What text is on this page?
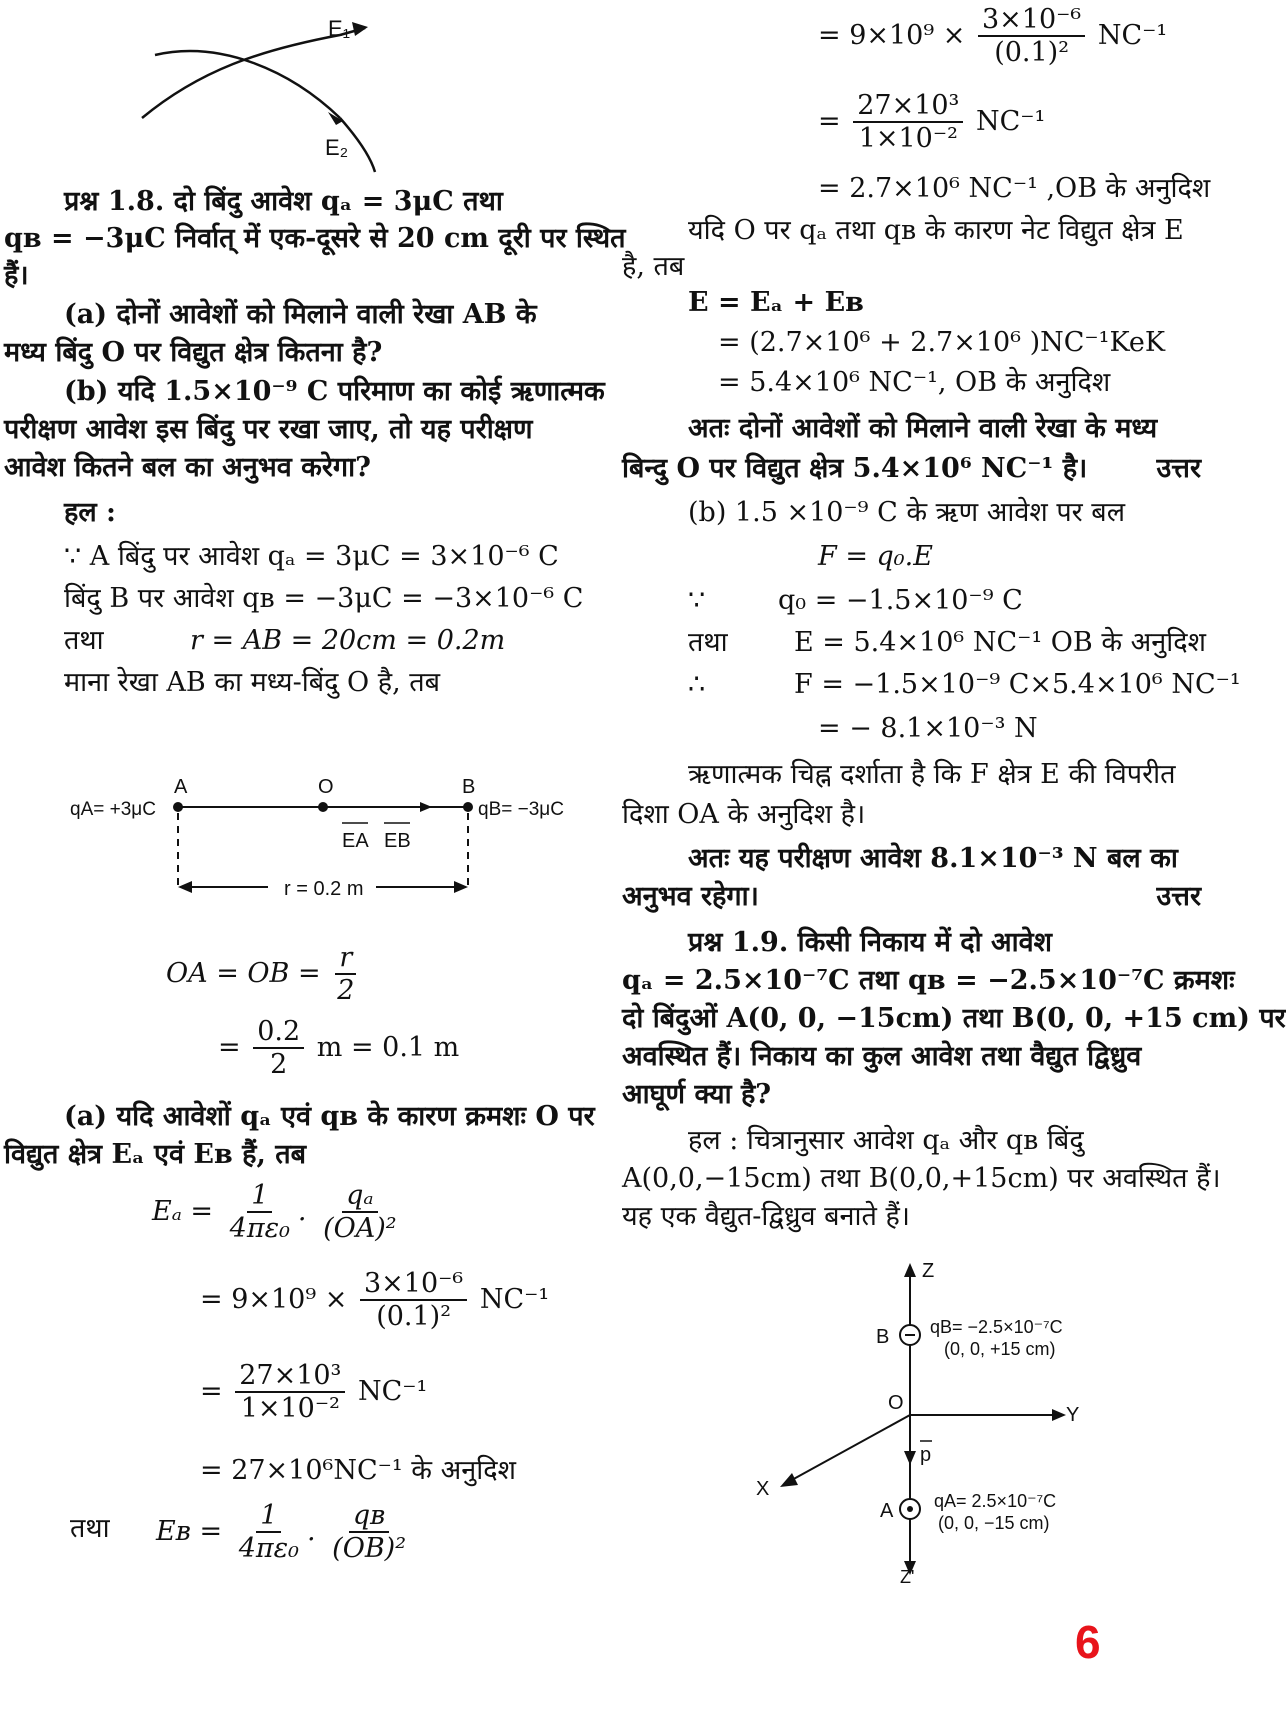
E₁
E₂
प्रश्न 1.8. दो बिंदु आवेश qₐ = 3μC तथा
qʙ = −3μC निर्वात् में एक-दूसरे से 20 cm दूरी पर स्थित
हैं।
(a) दोनों आवेशों को मिलाने वाली रेखा AB के
मध्य बिंदु O पर विद्युत क्षेत्र कितना है?
(b) यदि 1.5×10⁻⁹ C परिमाण का कोई ऋणात्मक
परीक्षण आवेश इस बिंदु पर रखा जाए, तो यह परीक्षण
आवेश कितने बल का अनुभव करेगा?
हल :
∵ A बिंदु पर आवेश qₐ = 3μC = 3×10⁻⁶ C
बिंदु B पर आवेश qʙ = −3μC = −3×10⁻⁶ C
तथा	r = AB = 20cm = 0.2m
माना रेखा AB का मध्य-बिंदु O है, तब
A	O	B
qA= +3μC	qB= −3μC
EA EB
r = 0.2 m
OA = OB = $\frac{r}{2}$
= $\frac{0.2}{2}$ m = 0.1 m
(a) यदि आवेशों qₐ एवं qʙ के कारण क्रमशः O पर
विद्युत क्षेत्र Eₐ एवं Eʙ हैं, तब
$E_a = \frac{1}{\text{4πε₀}}$ . $\frac{\text{qₐ}}{\text{(OA)²}}$
= $9\times 10^9 \times \frac{\text{3×10⁻⁶}}{\text{(0.1)²}} NC^{-1}$
= $\frac{\text{27×10³}}{\text{1×10⁻²}} NC^{-1}$
= 27×10⁶NC⁻¹ के अनुदिश
तथा Eʙ = $\frac{1}{\text{4πε₀}}$ . $\frac{\text{qʙ}}{\text{(OB)²}}$
= $9\times 10^9 \times \frac{\text{3×10⁻⁶}}{\text{(0.1)²}} NC^{-1}$
= $\frac{\text{27×10³}}{\text{1×10⁻²}} NC^{-1}$
= 2.7×10⁶ NC⁻¹ ,OB के अनुदिश
यदि O पर qₐ तथा qʙ के कारण नेट विद्युत क्षेत्र E
है, तब
E = Eₐ + Eʙ
= (2.7×10⁶ + 2.7×10⁶ )NC⁻¹KeK
= 5.4×10⁶ NC⁻¹, OB के अनुदिश
अतः दोनों आवेशों को मिलाने वाली रेखा के मध्य
बिन्दु O पर विद्युत क्षेत्र 5.4×10⁶ NC⁻¹ है।	उत्तर
(b) 1.5 ×10⁻⁹ C के ऋण आवेश पर बल
F = q₀.E
∵	q₀ = −1.5×10⁻⁹ C
तथा E = 5.4×10⁶ NC⁻¹ OB के अनुदिश
∴	F = −1.5×10⁻⁹ C×5.4×10⁶ NC⁻¹
= − 8.1×10⁻³ N
ऋणात्मक चिह्न दर्शाता है कि F क्षेत्र E की विपरीत
दिशा OA के अनुदिश है।
अतः यह परीक्षण आवेश 8.1×10⁻³ N बल का
अनुभव रहेगा।	उत्तर
प्रश्न 1.9. किसी निकाय में दो आवेश
qₐ = 2.5×10⁻⁷C तथा qʙ = −2.5×10⁻⁷C क्रमशः
दो बिंदुओं A(0, 0, −15cm) तथा B(0, 0, +15 cm) पर
अवस्थित हैं। निकाय का कुल आवेश तथा वैद्युत द्विध्रुव
आघूर्ण क्या है?
हल : चित्रानुसार आवेश qₐ और qʙ बिंदु
A(0,0,−15cm) तथा B(0,0,+15cm) पर अवस्थित हैं।
यह एक वैद्युत-द्विध्रुव बनाते हैं।
Z
Z'
Y
X
O
B
A
p
qB= −2.5×10⁻⁷C
(0, 0, +15 cm)
qA= 2.5×10⁻⁷C
(0, 0, −15 cm)
6
